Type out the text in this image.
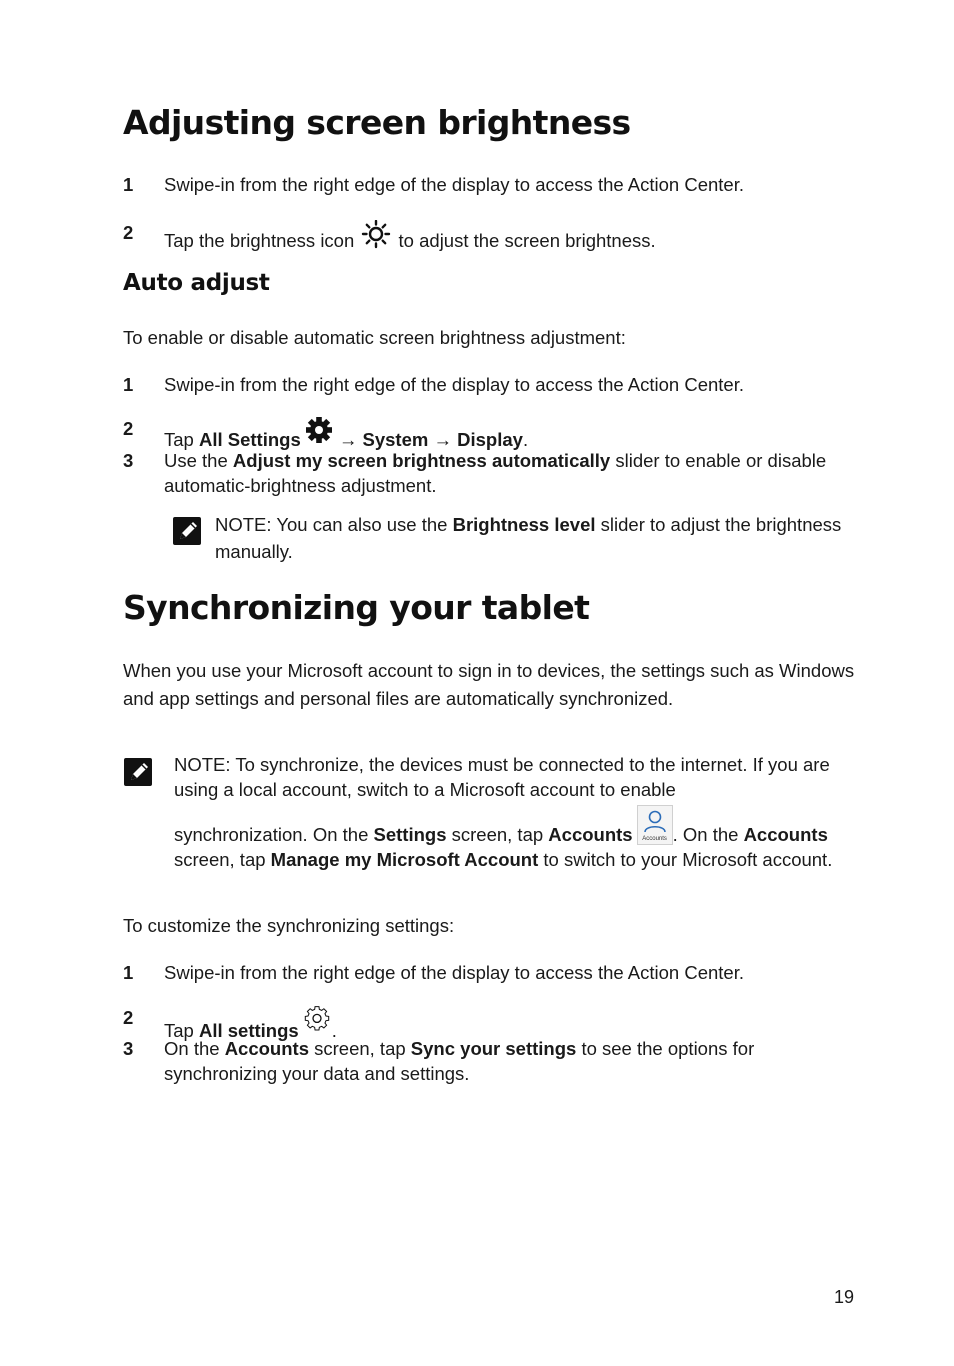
Adjusting screen brightness
1 Swipe-in from the right edge of the display to access the Action Center.
2 Tap the brightness icon to adjust the screen brightness.
Auto adjust
To enable or disable automatic screen brightness adjustment:
1 Swipe-in from the right edge of the display to access the Action Center.
2
Tap All Settings → System → Display.
3 Use the Adjust my screen brightness automatically slider to enable or disable automatic-brightness adjustment.
NOTE: You can also use the Brightness level slider to adjust the brightness manually.
Synchronizing your tablet
When you use your Microsoft account to sign in to devices, the settings such as Windows and app settings and personal files are automatically synchronized.
NOTE: To synchronize, the devices must be connected to the internet. If you are using a local account, switch to a Microsoft account to enable
synchronization. On the Settings screen, tap Accounts	Accounts . On the Accounts screen, tap Manage my Microsoft Account to switch to your Microsoft account.
To customize the synchronizing settings:
1 Swipe-in from the right edge of the display to access the Action Center.
2
Tap All settings .
3 On the Accounts screen, tap Sync your settings to see the options for synchronizing your data and settings.
19
